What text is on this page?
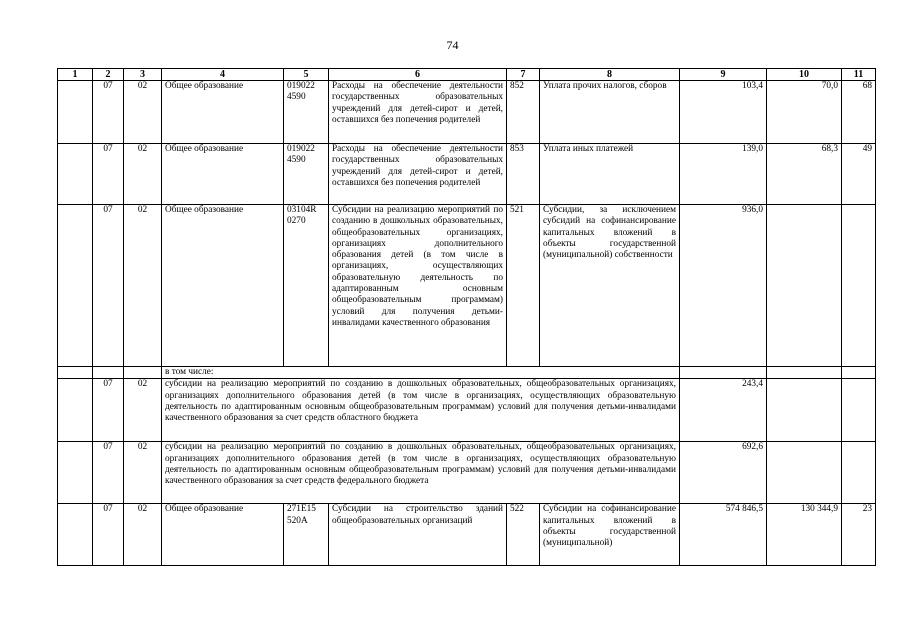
74
1	2	3	4	5	6	7	8	9	10	11
	07	02	Общее образование	019022 4590	Расходы на обеспечение деятельности государственных образовательных учреждений для детей-сирот и детей, оставшихся без попечения родителей	852	Уплата прочих налогов, сборов	103,4	70,0	68
	07	02	Общее образование	019022 4590	Расходы на обеспечение деятельности государственных образовательных учреждений для детей-сирот и детей, оставшихся без попечения родителей	853	Уплата иных платежей	139,0	68,3	49
	07	02	Общее образование	03104R 0270	Субсидии на реализацию мероприятий по созданию в дошкольных образовательных, общеобразовательных организациях, организациях дополнительного образования детей (в том числе в организациях, осуществляющих образовательную деятельность по адаптированным основным общеобразовательным программам) условий для получения детьми-инвалидами качественного образования	521	Субсидии, за исключением субсидий на софинансирование капитальных вложений в объекты государственной (муниципальной) собственности	936,0		
			в том числе:							
	07	02	субсидии на реализацию мероприятий по созданию в дошкольных образовательных, общеобразовательных организациях, организациях дополнительного образования детей (в том числе в организациях, осуществляющих образовательную деятельность по адаптированным основным общеобразовательным программам) условий для получения детьми-инвалидами качественного образования за счет средств областного бюджета					243,4		
	07	02	субсидии на реализацию мероприятий по созданию в дошкольных образовательных, общеобразовательных организациях, организациях дополнительного образования детей (в том числе в организациях, осуществляющих образовательную деятельность по адаптированным основным общеобразовательным программам) условий для получения детьми-инвалидами качественного образования за счет средств федерального бюджета					692,6		
	07	02	Общее образование	271E15 520A	Субсидии на строительство зданий общеобразовательных организаций	522	Субсидии на софинансирование капитальных вложений в объекты государственной (муниципальной)	574 846,5	130 344,9	23
